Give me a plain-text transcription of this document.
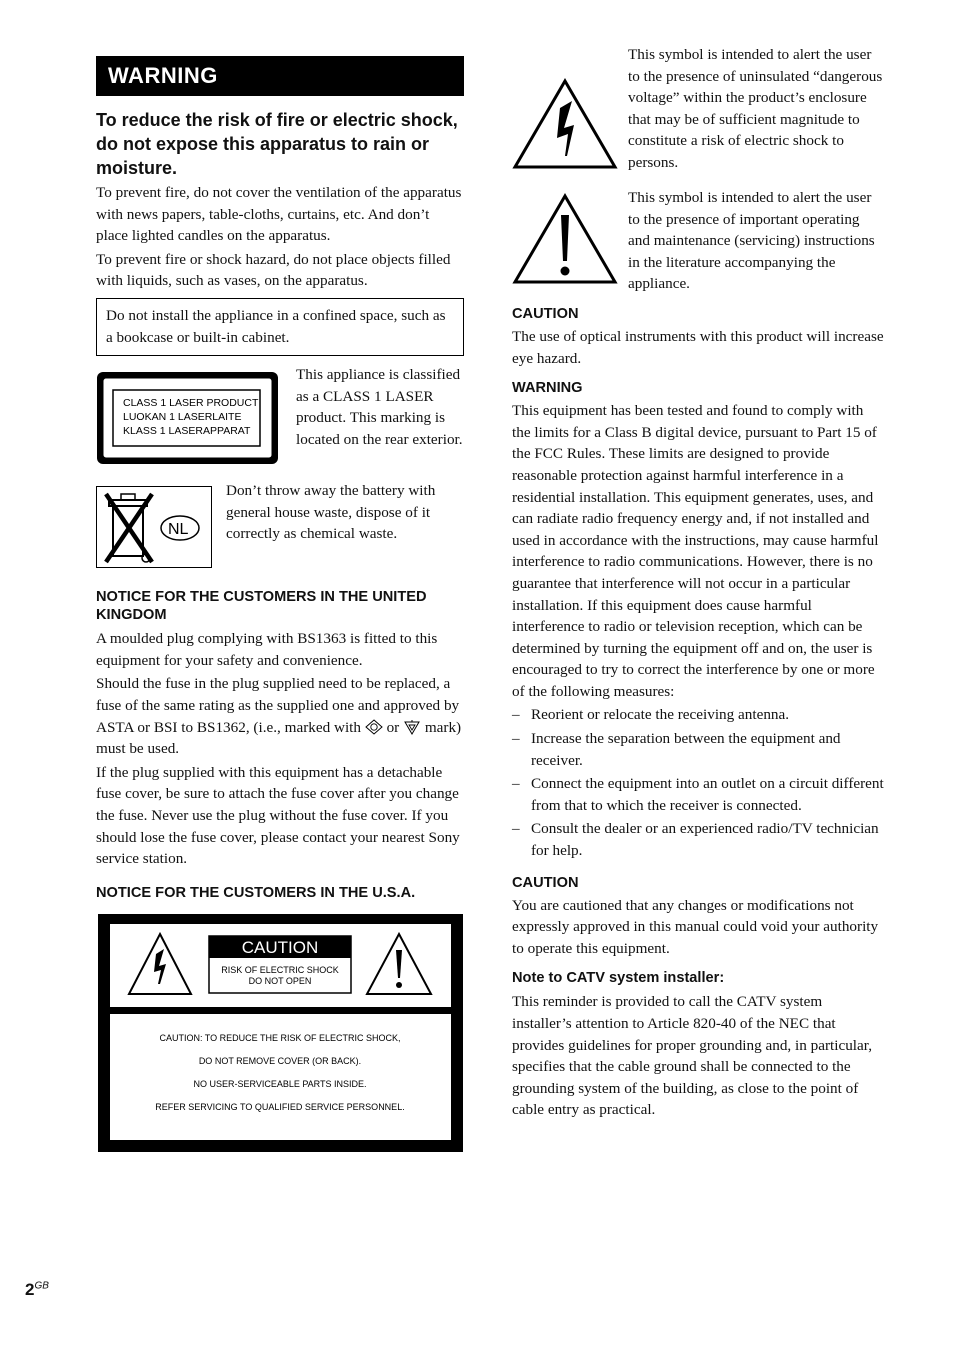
WARNING
To reduce the risk of fire or electric shock, do not expose this apparatus to rain or moisture.

To prevent fire, do not cover the ventilation of the apparatus with news papers, table-cloths, curtains, etc. And don’t place lighted candles on the apparatus.

To prevent fire or shock hazard, do not place objects filled with liquids, such as vases, on the apparatus.

Do not install the appliance in a confined space, such as a bookcase or built-in cabinet.

CLASS 1 LASER PRODUCT
LUOKAN 1 LASERLAITE
KLASS 1 LASERAPPARAT

This appliance is classified as a CLASS 1 LASER product. This marking is located on the rear exterior.

NL

Don’t throw away the battery with general house waste, dispose of it correctly as chemical waste.

NOTICE FOR THE CUSTOMERS IN THE UNITED KINGDOM

A moulded plug complying with BS1363 is fitted to this equipment for your safety and convenience.

Should the fuse in the plug supplied need to be replaced, a fuse of the same rating as the supplied one and approved by ASTA or BSI to BS1362, (i.e., marked with or mark) must be used.

If the plug supplied with this equipment has a detachable fuse cover, be sure to attach the fuse cover after you change the fuse. Never use the plug without the fuse cover. If you should lose the fuse cover, please contact your nearest Sony service station.

NOTICE FOR THE CUSTOMERS IN THE U.S.A.
CAUTION
RISK OF ELECTRIC SHOCK
DO NOT OPEN
CAUTION: TO REDUCE THE RISK OF ELECTRIC SHOCK,
DO NOT REMOVE COVER (OR BACK).
NO USER-SERVICEABLE PARTS INSIDE.
REFER SERVICING TO QUALIFIED SERVICE PERSONNEL.

This symbol is intended to alert the user to the presence of uninsulated “dangerous voltage” within the product’s enclosure that may be of sufficient magnitude to constitute a risk of electric shock to persons.

This symbol is intended to alert the user to the presence of important operating and maintenance (servicing) instructions in the literature accompanying the appliance.

CAUTION

The use of optical instruments with this product will increase eye hazard.

WARNING

This equipment has been tested and found to comply with the limits for a Class B digital device, pursuant to Part 15 of the FCC Rules. These limits are designed to provide reasonable protection against harmful interference in a residential installation. This equipment generates, uses, and can radiate radio frequency energy and, if not installed and used in accordance with the instructions, may cause harmful interference to radio communications. However, there is no guarantee that interference will not occur in a particular installation. If this equipment does cause harmful interference to radio or television reception, which can be determined by turning the equipment off and on, the user is encouraged to try to correct the interference by one or more of the following measures:

– Reorient or relocate the receiving antenna.
– Increase the separation between the equipment and receiver.
– Connect the equipment into an outlet on a circuit different from that to which the receiver is connected.
– Consult the dealer or an experienced radio/TV technician for help.
CAUTION

You are cautioned that any changes or modifications not expressly approved in this manual could void your authority to operate this equipment.

Note to CATV system installer:

This reminder is provided to call the CATV system installer’s attention to Article 820-40 of the NEC that provides guidelines for proper grounding and, in particular, specifies that the cable ground shall be connected to the grounding system of the building, as close to the point of cable entry as practical.

$2^{GB}$
